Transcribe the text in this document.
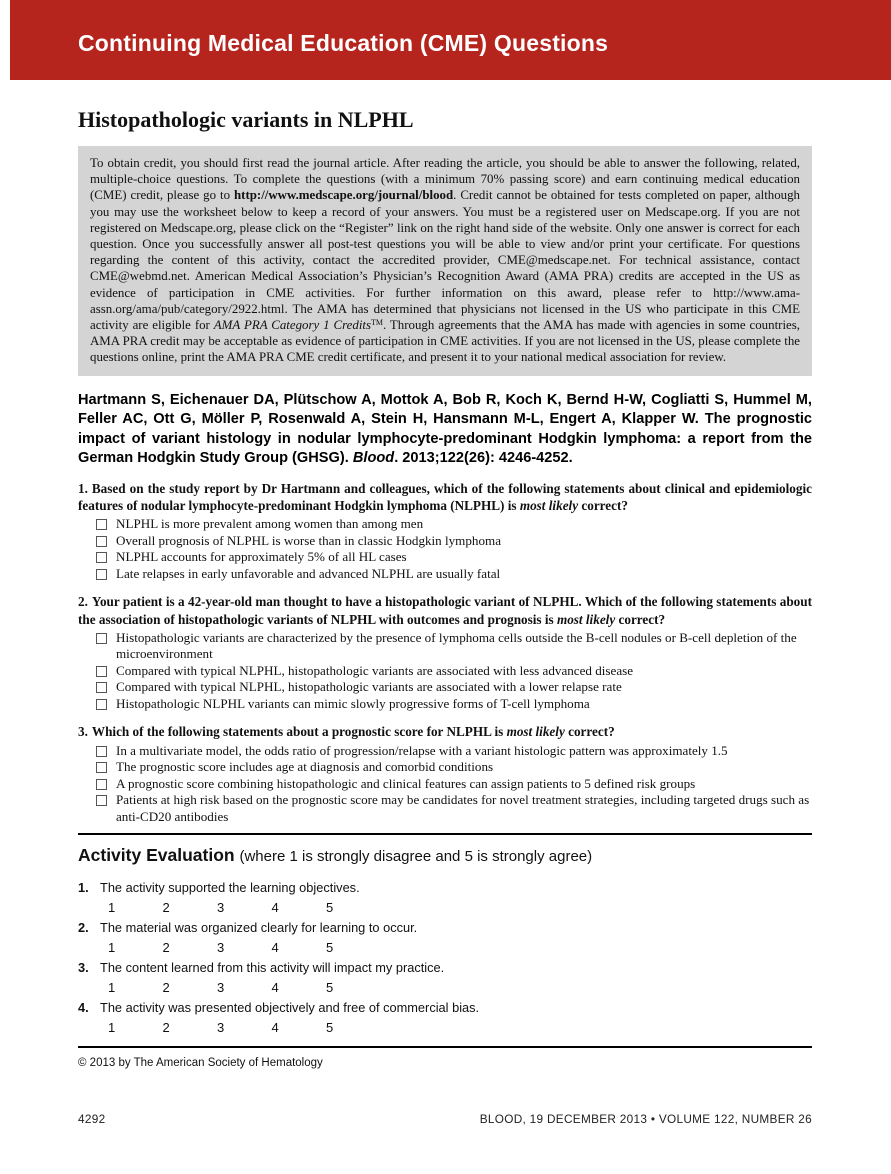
Continuing Medical Education (CME) Questions
Histopathologic variants in NLPHL

To obtain credit, you should first read the journal article. After reading the article, you should be able to answer the following, related, multiple-choice questions. To complete the questions (with a minimum 70% passing score) and earn continuing medical education (CME) credit, please go to http://www.medscape.org/journal/blood. Credit cannot be obtained for tests completed on paper, although you may use the worksheet below to keep a record of your answers. You must be a registered user on Medscape.org. If you are not registered on Medscape.org, please click on the “Register” link on the right hand side of the website. Only one answer is correct for each question. Once you successfully answer all post-test questions you will be able to view and/or print your certificate. For questions regarding the content of this activity, contact the accredited provider, CME@medscape.net. For technical assistance, contact CME@webmd.net. American Medical Association’s Physician’s Recognition Award (AMA PRA) credits are accepted in the US as evidence of participation in CME activities. For further information on this award, please refer to http://www.ama-assn.org/ama/pub/category/2922.html. The AMA has determined that physicians not licensed in the US who participate in this CME activity are eligible for AMA PRA Category 1 Credits™. Through agreements that the AMA has made with agencies in some countries, AMA PRA credit may be acceptable as evidence of participation in CME activities. If you are not licensed in the US, please complete the questions online, print the AMA PRA CME credit certificate, and present it to your national medical association for review.

Hartmann S, Eichenauer DA, Plütschow A, Mottok A, Bob R, Koch K, Bernd H-W, Cogliatti S, Hummel M, Feller AC, Ott G, Möller P, Rosenwald A, Stein H, Hansmann M-L, Engert A, Klapper W. The prognostic impact of variant histology in nodular lymphocyte-predominant Hodgkin lymphoma: a report from the German Hodgkin Study Group (GHSG). Blood. 2013;122(26): 4246-4252.

1. Based on the study report by Dr Hartmann and colleagues, which of the following statements about clinical and epidemiologic features of nodular lymphocyte-predominant Hodgkin lymphoma (NLPHL) is most likely correct?

NLPHL is more prevalent among women than among men
Overall prognosis of NLPHL is worse than in classic Hodgkin lymphoma
NLPHL accounts for approximately 5% of all HL cases
Late relapses in early unfavorable and advanced NLPHL are usually fatal

2. Your patient is a 42-year-old man thought to have a histopathologic variant of NLPHL. Which of the following statements about the association of histopathologic variants of NLPHL with outcomes and prognosis is most likely correct?

Histopathologic variants are characterized by the presence of lymphoma cells outside the B-cell nodules or B-cell depletion of the microenvironment
Compared with typical NLPHL, histopathologic variants are associated with less advanced disease
Compared with typical NLPHL, histopathologic variants are associated with a lower relapse rate
Histopathologic NLPHL variants can mimic slowly progressive forms of T-cell lymphoma

3. Which of the following statements about a prognostic score for NLPHL is most likely correct?

In a multivariate model, the odds ratio of progression/relapse with a variant histologic pattern was approximately 1.5
The prognostic score includes age at diagnosis and comorbid conditions
A prognostic score combining histopathologic and clinical features can assign patients to 5 defined risk groups
Patients at high risk based on the prognostic score may be candidates for novel treatment strategies, including targeted drugs such as anti-CD20 antibodies
Activity Evaluation (where 1 is strongly disagree and 5 is strongly agree)
1. The activity supported the learning objectives.
1	2	3	4	5
2. The material was organized clearly for learning to occur.
1	2	3	4	5
3. The content learned from this activity will impact my practice.
1	2	3	4	5
4. The activity was presented objectively and free of commercial bias.
1	2	3	4	5

© 2013 by The American Society of Hematology

4292	BLOOD, 19 DECEMBER 2013 • VOLUME 122, NUMBER 26
